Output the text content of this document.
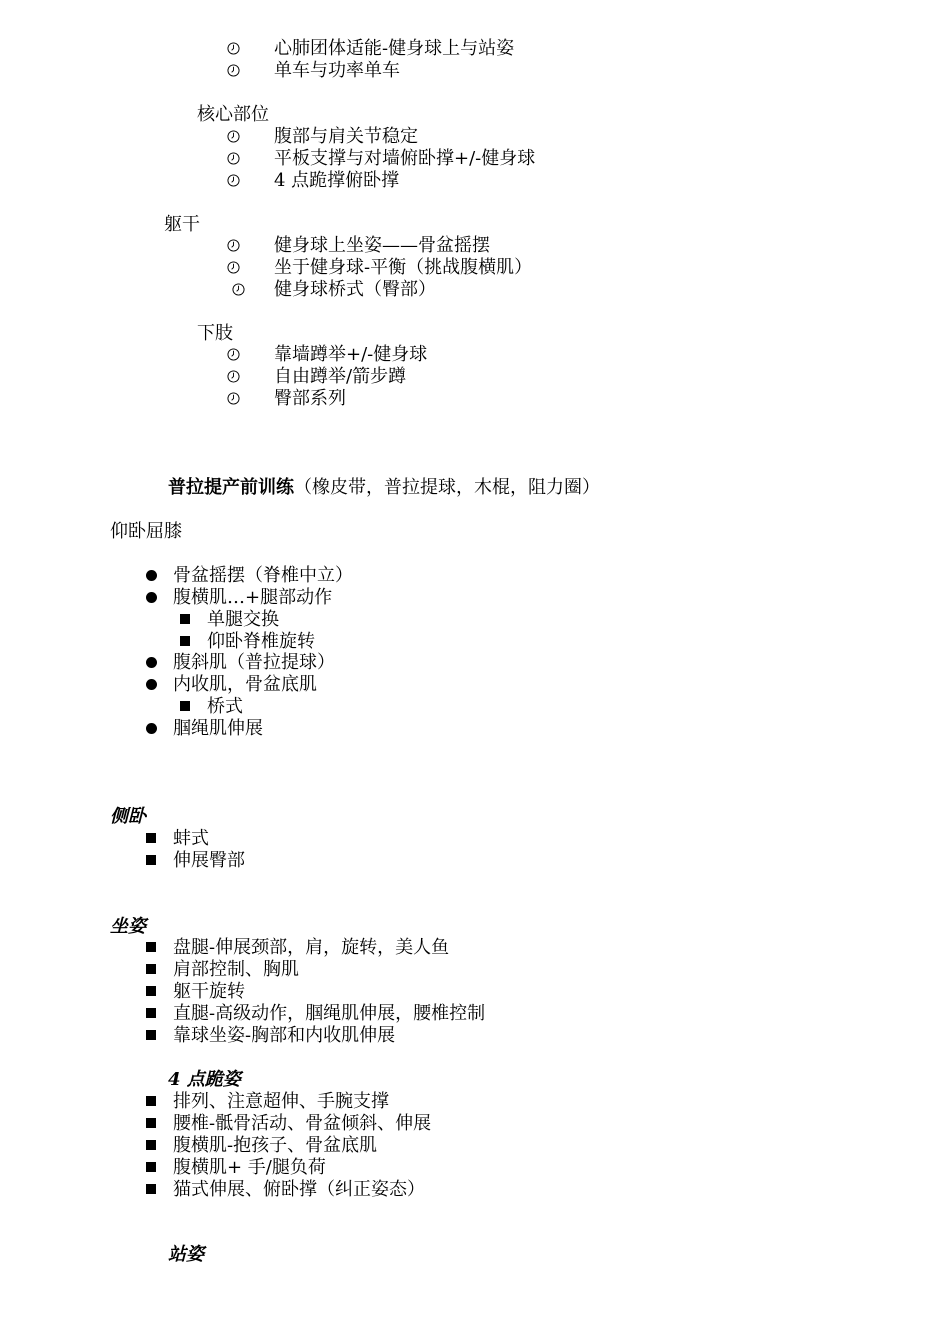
心肺团体适能-健身球上与站姿
单车与功率单车
核心部位
腹部与肩关节稳定
平板支撑与对墙俯卧撑+/-健身球
4 点跪撑俯卧撑
躯干
健身球上坐姿——骨盆摇摆
坐于健身球-平衡（挑战腹横肌）
健身球桥式（臀部）
下肢
靠墙蹲举+/-健身球
自由蹲举/箭步蹲
臀部系列
普拉提产前训练（橡皮带，普拉提球，木棍，阻力圈）
仰卧屈膝
骨盆摇摆（脊椎中立）
腹横肌…+腿部动作
单腿交换
仰卧脊椎旋转
腹斜肌（普拉提球）
内收肌，骨盆底肌
桥式
腘绳肌伸展
侧卧
蚌式
伸展臀部
坐姿
盘腿-伸展颈部，肩，旋转，美人鱼
肩部控制、胸肌
躯干旋转
直腿-高级动作，腘绳肌伸展，腰椎控制
靠球坐姿-胸部和内收肌伸展
4 点跪姿
排列、注意超伸、手腕支撑
腰椎-骶骨活动、骨盆倾斜、伸展
腹横肌-抱孩子、骨盆底肌
腹横肌+ 手/腿负荷
猫式伸展、俯卧撑（纠正姿态）
站姿
